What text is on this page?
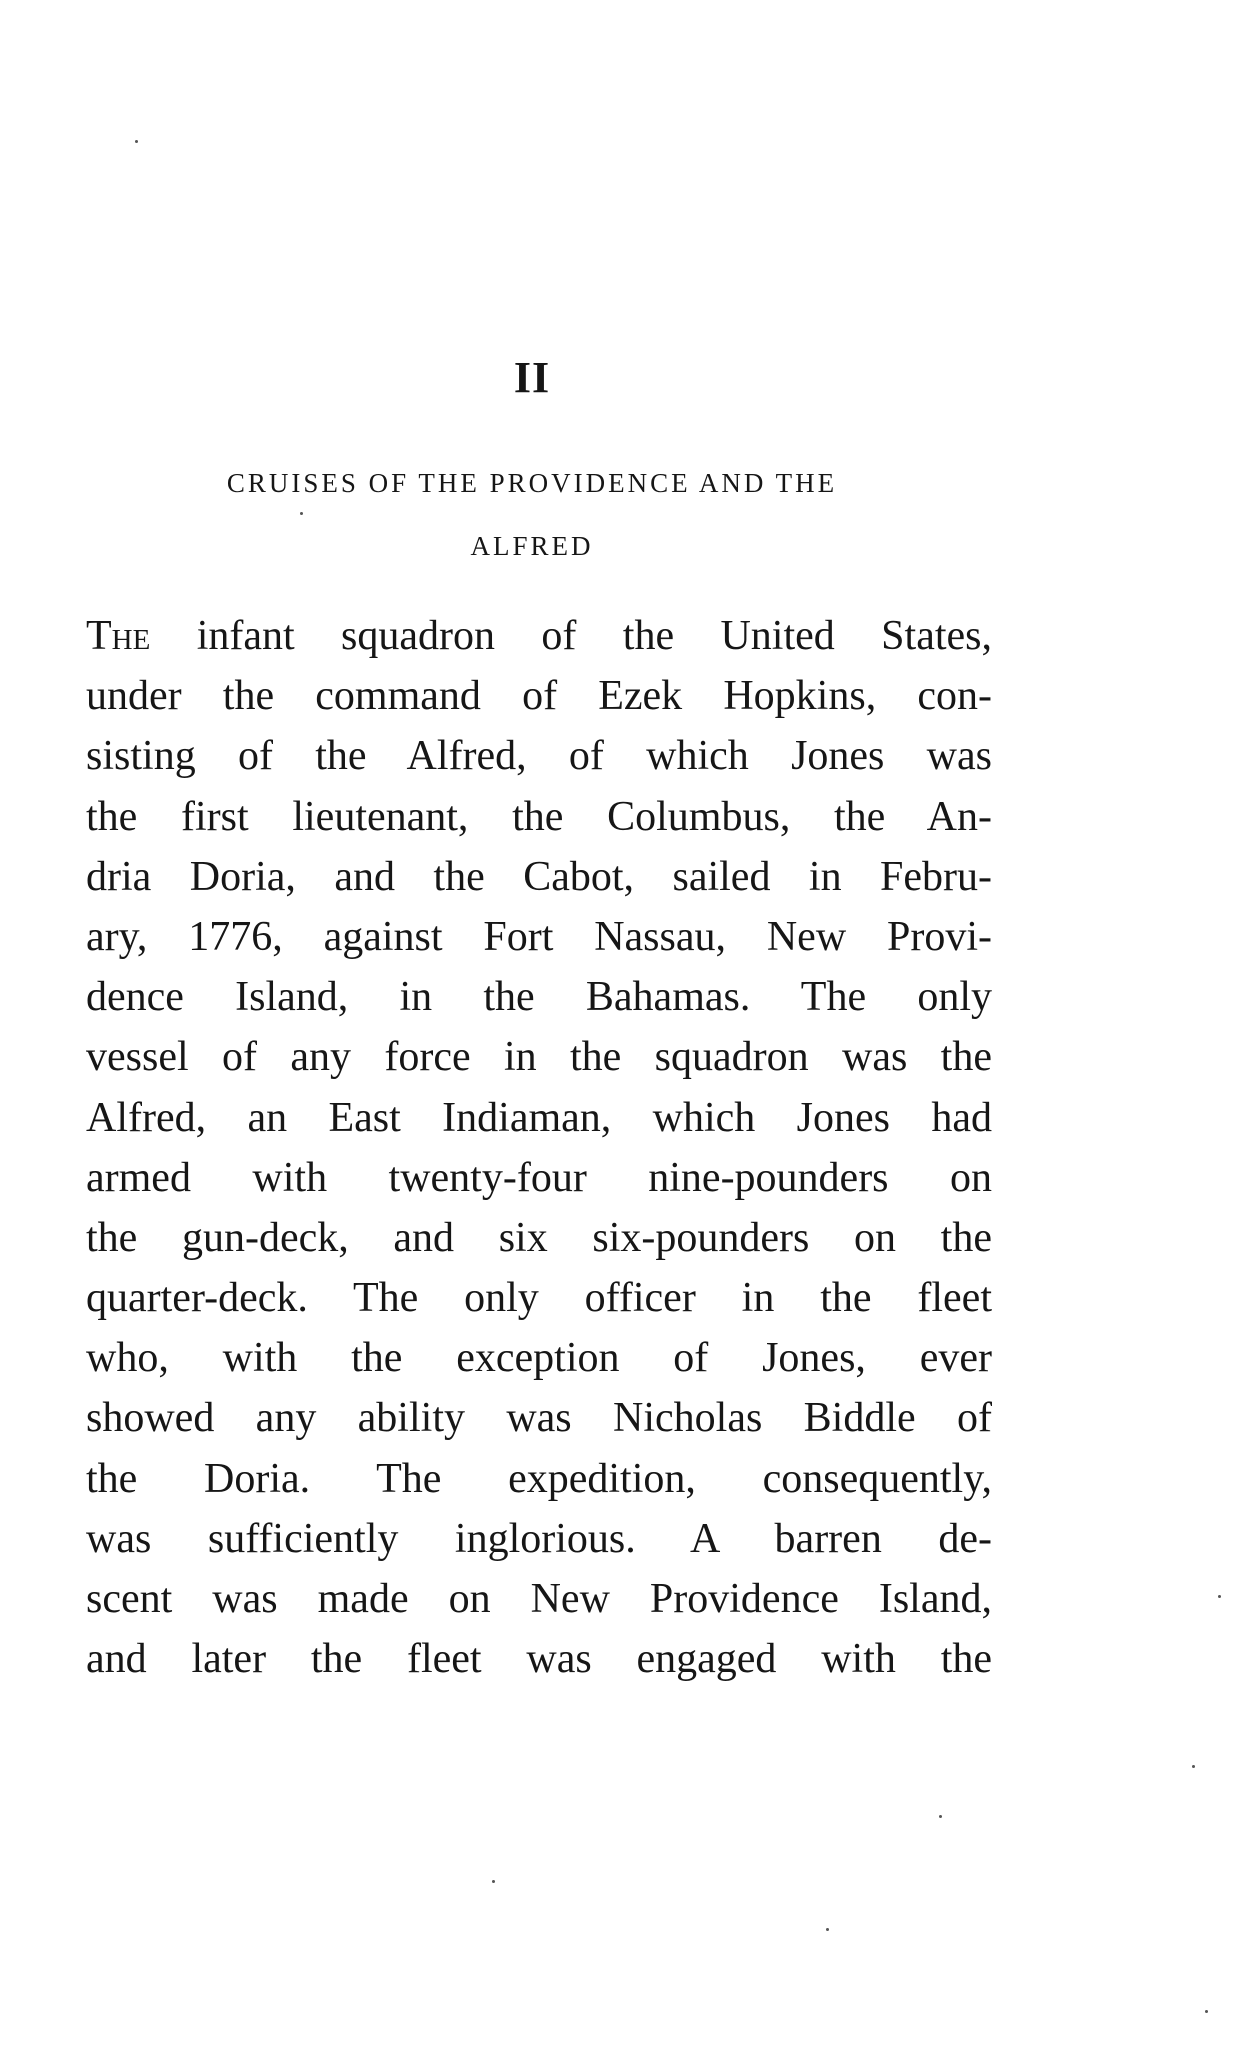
II
CRUISES OF THE PROVIDENCE AND THE
ALFRED
The infant squadron of the United States,
under the command of Ezek Hopkins, con-
sisting of the Alfred, of which Jones was
the first lieutenant, the Columbus, the An-
dria Doria, and the Cabot, sailed in Febru-
ary, 1776, against Fort Nassau, New Provi-
dence Island, in the Bahamas. The only
vessel of any force in the squadron was the
Alfred, an East Indiaman, which Jones had
armed with twenty-four nine-pounders on
the gun-deck, and six six-pounders on the
quarter-deck. The only officer in the fleet
who, with the exception of Jones, ever
showed any ability was Nicholas Biddle of
the Doria. The expedition, consequently,
was sufficiently inglorious. A barren de-
scent was made on New Providence Island,
and later the fleet was engaged with the
